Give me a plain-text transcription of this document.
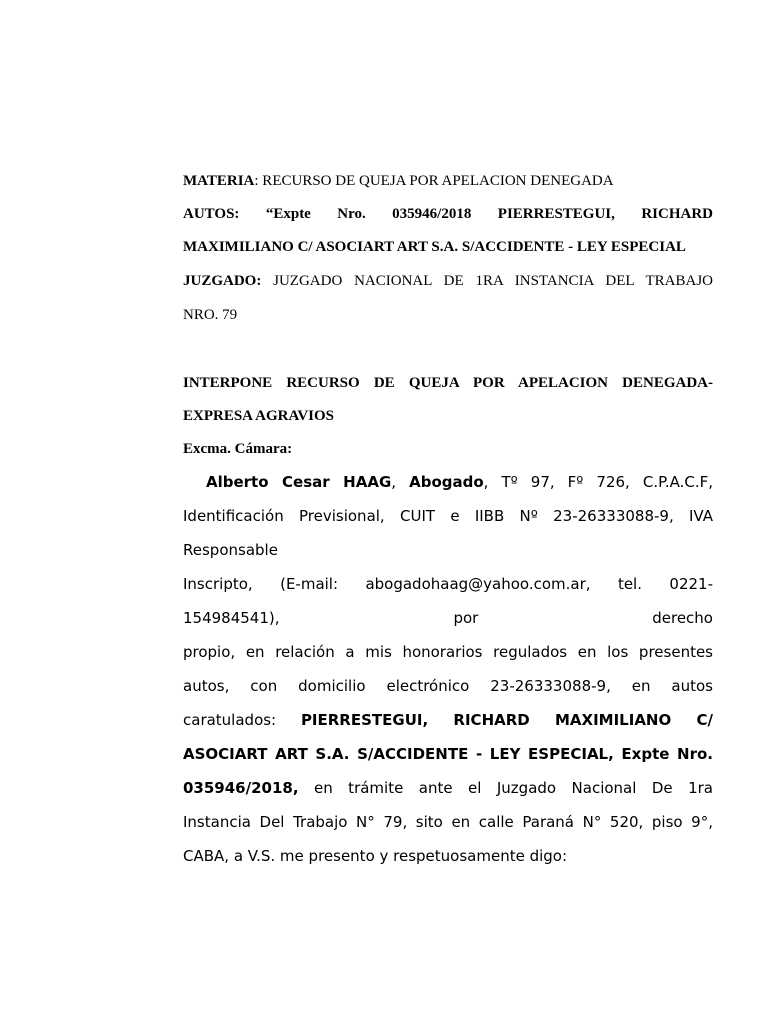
MATERIA: RECURSO DE QUEJA POR APELACION DENEGADA
AUTOS: “Expte Nro. 035946/2018 PIERRESTEGUI, RICHARD
MAXIMILIANO C/ ASOCIART ART S.A. S/ACCIDENTE - LEY ESPECIAL
JUZGADO: JUZGADO NACIONAL DE 1RA INSTANCIA DEL TRABAJO
NRO. 79
INTERPONE RECURSO DE QUEJA POR APELACION DENEGADA-
EXPRESA AGRAVIOS
Excma. Cámara:
Alberto Cesar HAAG, Abogado, Tº 97, Fº 726, C.P.A.C.F,
Identificación Previsional, CUIT e IIBB Nº 23-26333088-9, IVA
Responsable
Inscripto, (E-mail: abogadohaag@yahoo.com.ar, tel. 0221-
154984541), por derecho
propio, en relación a mis honorarios regulados en los presentes
autos, con domicilio electrónico 23-26333088-9, en autos
caratulados: PIERRESTEGUI, RICHARD MAXIMILIANO C/
ASOCIART ART S.A. S/ACCIDENTE - LEY ESPECIAL, Expte Nro.
035946/2018, en trámite ante el Juzgado Nacional De 1ra
Instancia Del Trabajo N° 79, sito en calle Paraná N° 520, piso 9°,
CABA, a V.S. me presento y respetuosamente digo:
